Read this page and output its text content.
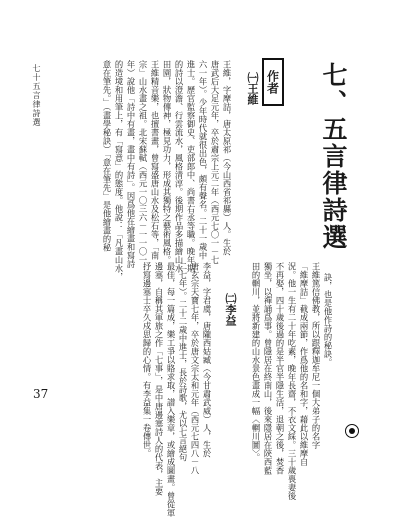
七十五言律詩選
37
七、五言律詩選
作者
㈠王維
王維，字摩詰，唐太原祁（今山西省祁縣）人。生於
唐武后大足元年，卒於肅宗上元二年（西元七〇一－七
六一年）。少年時代就很出色，頗有聲名。二十一歲中
進士。歷官監察御史、吏部郎中、尚書右丞等職。晚年期
的詩以澄澹、行雲流水，風格清淳。後期作品多描繪山水
田園，狀物傳神，極見功力，形成其獨特之藝術風格。
王維精音樂，也擅書畫，曾寫盛唐山水及松石等，「南
宗」山水畫之祖。北宋蘇軾（西元一〇三六－一一〇一
年）說他「詩中有畫，畫中有詩」。因爲他在繪畫和寫詩
的造境和用筆上，有「寫意」的態度。他說：「凡畫山水，
意在筆先。」（畫學秘訣）「意在筆先」是他繪畫的秘
訣，也是他作詩的秘訣。
王維篤信佛教，所以跟釋迦牟尼一個大弟子的名字
「維摩詰」截成兩節，作爲他的名和字，藉此以維摩自
況。他一生有二十年吃素，晚年長齋，不衣文綵。三十歲喪妻後
不再娶，四十歲後過的是半官半隱生活，退朝之後，焚香
獨坐，以禪誦爲事。曾隱居在終南山，後來隱居在陝西藍
田的輞川，並將新建的山水景色畫成一幅〈輞川圖〉。
㈡李益
李益，字君虞，唐隴西姑臧（今甘肅武威）人，生於
唐玄宗天寶七年，卒於唐文宗太和元年（西元七四八－八
二七年）。二十二歲中進士，長於詩歌，尤以七言絕句
最佳，每一篇成，樂工爭以賂求取，譜入樂章，或繪成圖畫。曾從軍
邊塞，自稱其軍旅之作「七事」，是中唐邊塞詩人的代表，主要
抒寫邊塞士卒久戍思歸的心情。有李益集一卷傳世。
